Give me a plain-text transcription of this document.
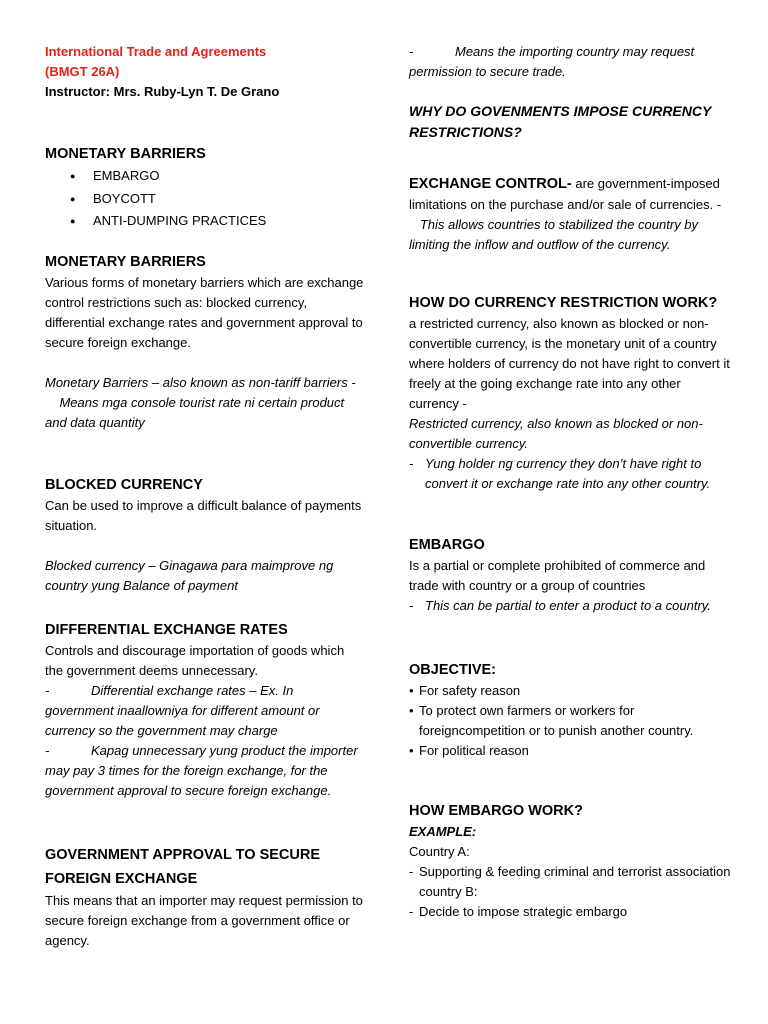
International Trade and Agreements
(BMGT 26A)
Instructor: Mrs. Ruby-Lyn T. De Grano
MONETARY BARRIERS
● EMBARGO
● BOYCOTT
● ANTI-DUMPING PRACTICES
MONETARY BARRIERS

Various forms of monetary barriers which are exchange control restrictions such as: blocked currency, differential exchange rates and government approval to secure foreign exchange.

Monetary Barriers – also known as non-tariff barriers -    Means mga console tourist rate ni certain product and data quantity

BLOCKED CURRENCY

Can be used to improve a difficult balance of payments situation.

Blocked currency – Ginagawa para maimprove ng country yung Balance of payment

DIFFERENTIAL EXCHANGE RATES

Controls and discourage importation of goods which the government deems unnecessary.

-	Differential exchange rates – Ex. In government inaallowniya for different amount or currency so the government may charge

-	Kapag unnecessary yung product the importer may pay 3 times for the foreign exchange, for the government approval to secure foreign exchange.

GOVERNMENT APPROVAL TO SECURE FOREIGN EXCHANGE

This means that an importer may request permission to secure foreign exchange from a government office or agency.

-	Means the importing country may request permission to secure trade.

WHY DO GOVENMENTS IMPOSE CURRENCY RESTRICTIONS?

EXCHANGE CONTROL- are government-imposed limitations on the purchase and/or sale of currencies. -   This allows countries to stabilized the country by limiting the inflow and outflow of the currency.

HOW DO CURRENCY RESTRICTION WORK?

a restricted currency, also known as blocked or non-convertible currency, is the monetary unit of a country where holders of currency do not have right to convert it freely at the going exchange rate into any other currency -

Restricted currency, also known as blocked or non-convertible currency.

- Yung holder ng currency they don’t have right to convert it or exchange rate into any other country.

EMBARGO

Is a partial or complete prohibited of commerce and trade with country or a group of countries

- This can be partial to enter a product to a country.

OBJECTIVE:

• For safety reason

• To protect own farmers or workers for foreigncompetition or to punish another country.

• For political reason

HOW EMBARGO WORK?

EXAMPLE:

Country A:

- Supporting & feeding criminal and terrorist association country B:

- Decide to impose strategic embargo
